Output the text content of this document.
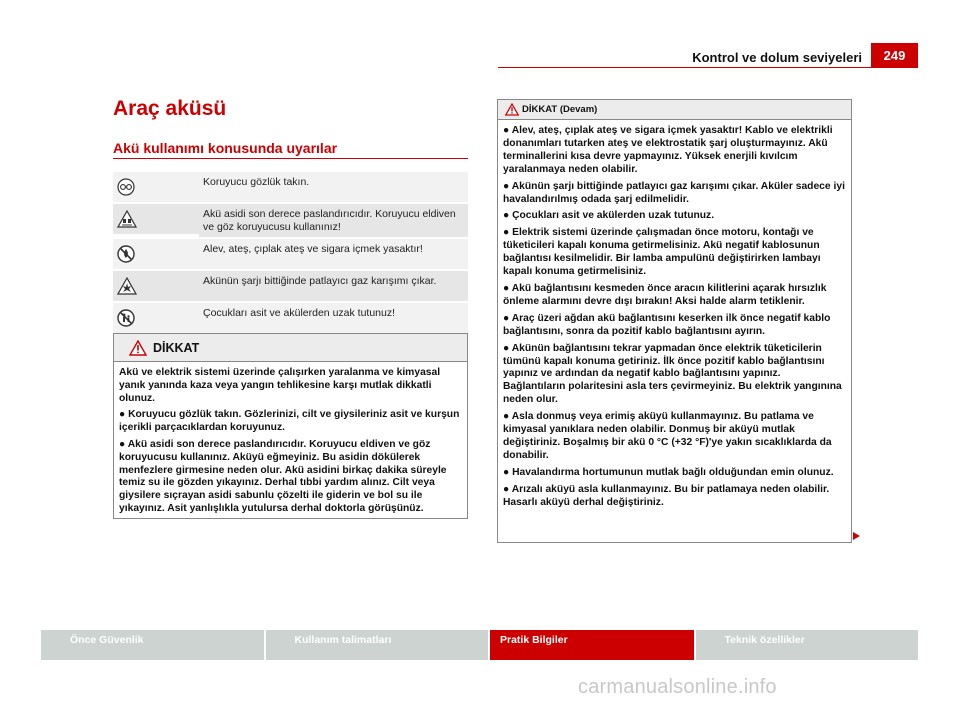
Kontrol ve dolum seviyeleri	249
Araç aküsü
Akü kullanımı konusunda uyarılar
Koruyucu gözlük takın.
Akü asidi son derece paslandırıcıdır. Koruyucu eldiven ve göz koruyucusu kullanınız!
Alev, ateş, çıplak ateş ve sigara içmek yasaktır!
Akünün şarjı bittiğinde patlayıcı gaz karışımı çıkar.
Çocukları asit ve akülerden uzak tutunuz!
DİKKAT

Akü ve elektrik sistemi üzerinde çalışırken yaralanma ve kimyasal yanık yanında kaza veya yangın tehlikesine karşı mutlak dikkatli olunuz.

● Koruyucu gözlük takın. Gözlerinizi, cilt ve giysileriniz asit ve kurşun içerikli parçacıklardan koruyunuz.

● Akü asidi son derece paslandırıcıdır. Koruyucu eldiven ve göz koruyucusu kullanınız. Aküyü eğmeyiniz. Bu asidin dökülerek menfezlere girmesine neden olur. Akü asidini birkaç dakika süreyle temiz su ile gözden yıkayınız. Derhal tıbbi yardım alınız. Cilt veya giysilere sıçrayan asidi sabunlu çözelti ile giderin ve bol su ile yıkayınız. Asit yanlışlıkla yutulursa derhal doktorla görüşünüz.

DİKKAT (Devam)

● Alev, ateş, çıplak ateş ve sigara içmek yasaktır! Kablo ve elektrikli donanımları tutarken ateş ve elektrostatik şarj oluşturmayınız. Akü terminallerini kısa devre yapmayınız. Yüksek enerjili kıvılcım yaralanmaya neden olabilir.

● Akünün şarjı bittiğinde patlayıcı gaz karışımı çıkar. Aküler sadece iyi havalandırılmış odada şarj edilmelidir.

● Çocukları asit ve akülerden uzak tutunuz.

● Elektrik sistemi üzerinde çalışmadan önce motoru, kontağı ve tüketicileri kapalı konuma getirmelisiniz. Akü negatif kablosunun bağlantısı kesilmelidir. Bir lamba ampulünü değiştirirken lambayı kapalı konuma getirmelisiniz.

● Akü bağlantısını kesmeden önce aracın kilitlerini açarak hırsızlık önleme alarmını devre dışı bırakın! Aksi halde alarm tetiklenir.

● Araç üzeri ağdan akü bağlantısını keserken ilk önce negatif kablo bağlantısını, sonra da pozitif kablo bağlantısını ayırın.

● Akünün bağlantısını tekrar yapmadan önce elektrik tüketicilerin tümünü kapalı konuma getiriniz. İlk önce pozitif kablo bağlantısını yapınız ve ardından da negatif kablo bağlantısını yapınız. Bağlantıların polaritesini asla ters çevirmeyiniz. Bu elektrik yangınına neden olur.

● Asla donmuş veya erimiş aküyü kullanmayınız. Bu patlama ve kimyasal yanıklara neden olabilir. Donmuş bir aküyü mutlak değiştiriniz. Boşalmış bir akü 0 °C (+32 °F)'ye yakın sıcaklıklarda da donabilir.

● Havalandırma hortumunun mutlak bağlı olduğundan emin olunuz.

● Arızalı aküyü asla kullanmayınız. Bu bir patlamaya neden olabilir. Hasarlı aküyü derhal değiştiriniz.

Önce Güvenlik	Kullanım talimatları	Pratik Bilgiler	Teknik özellikler
carmanualsonline.info
